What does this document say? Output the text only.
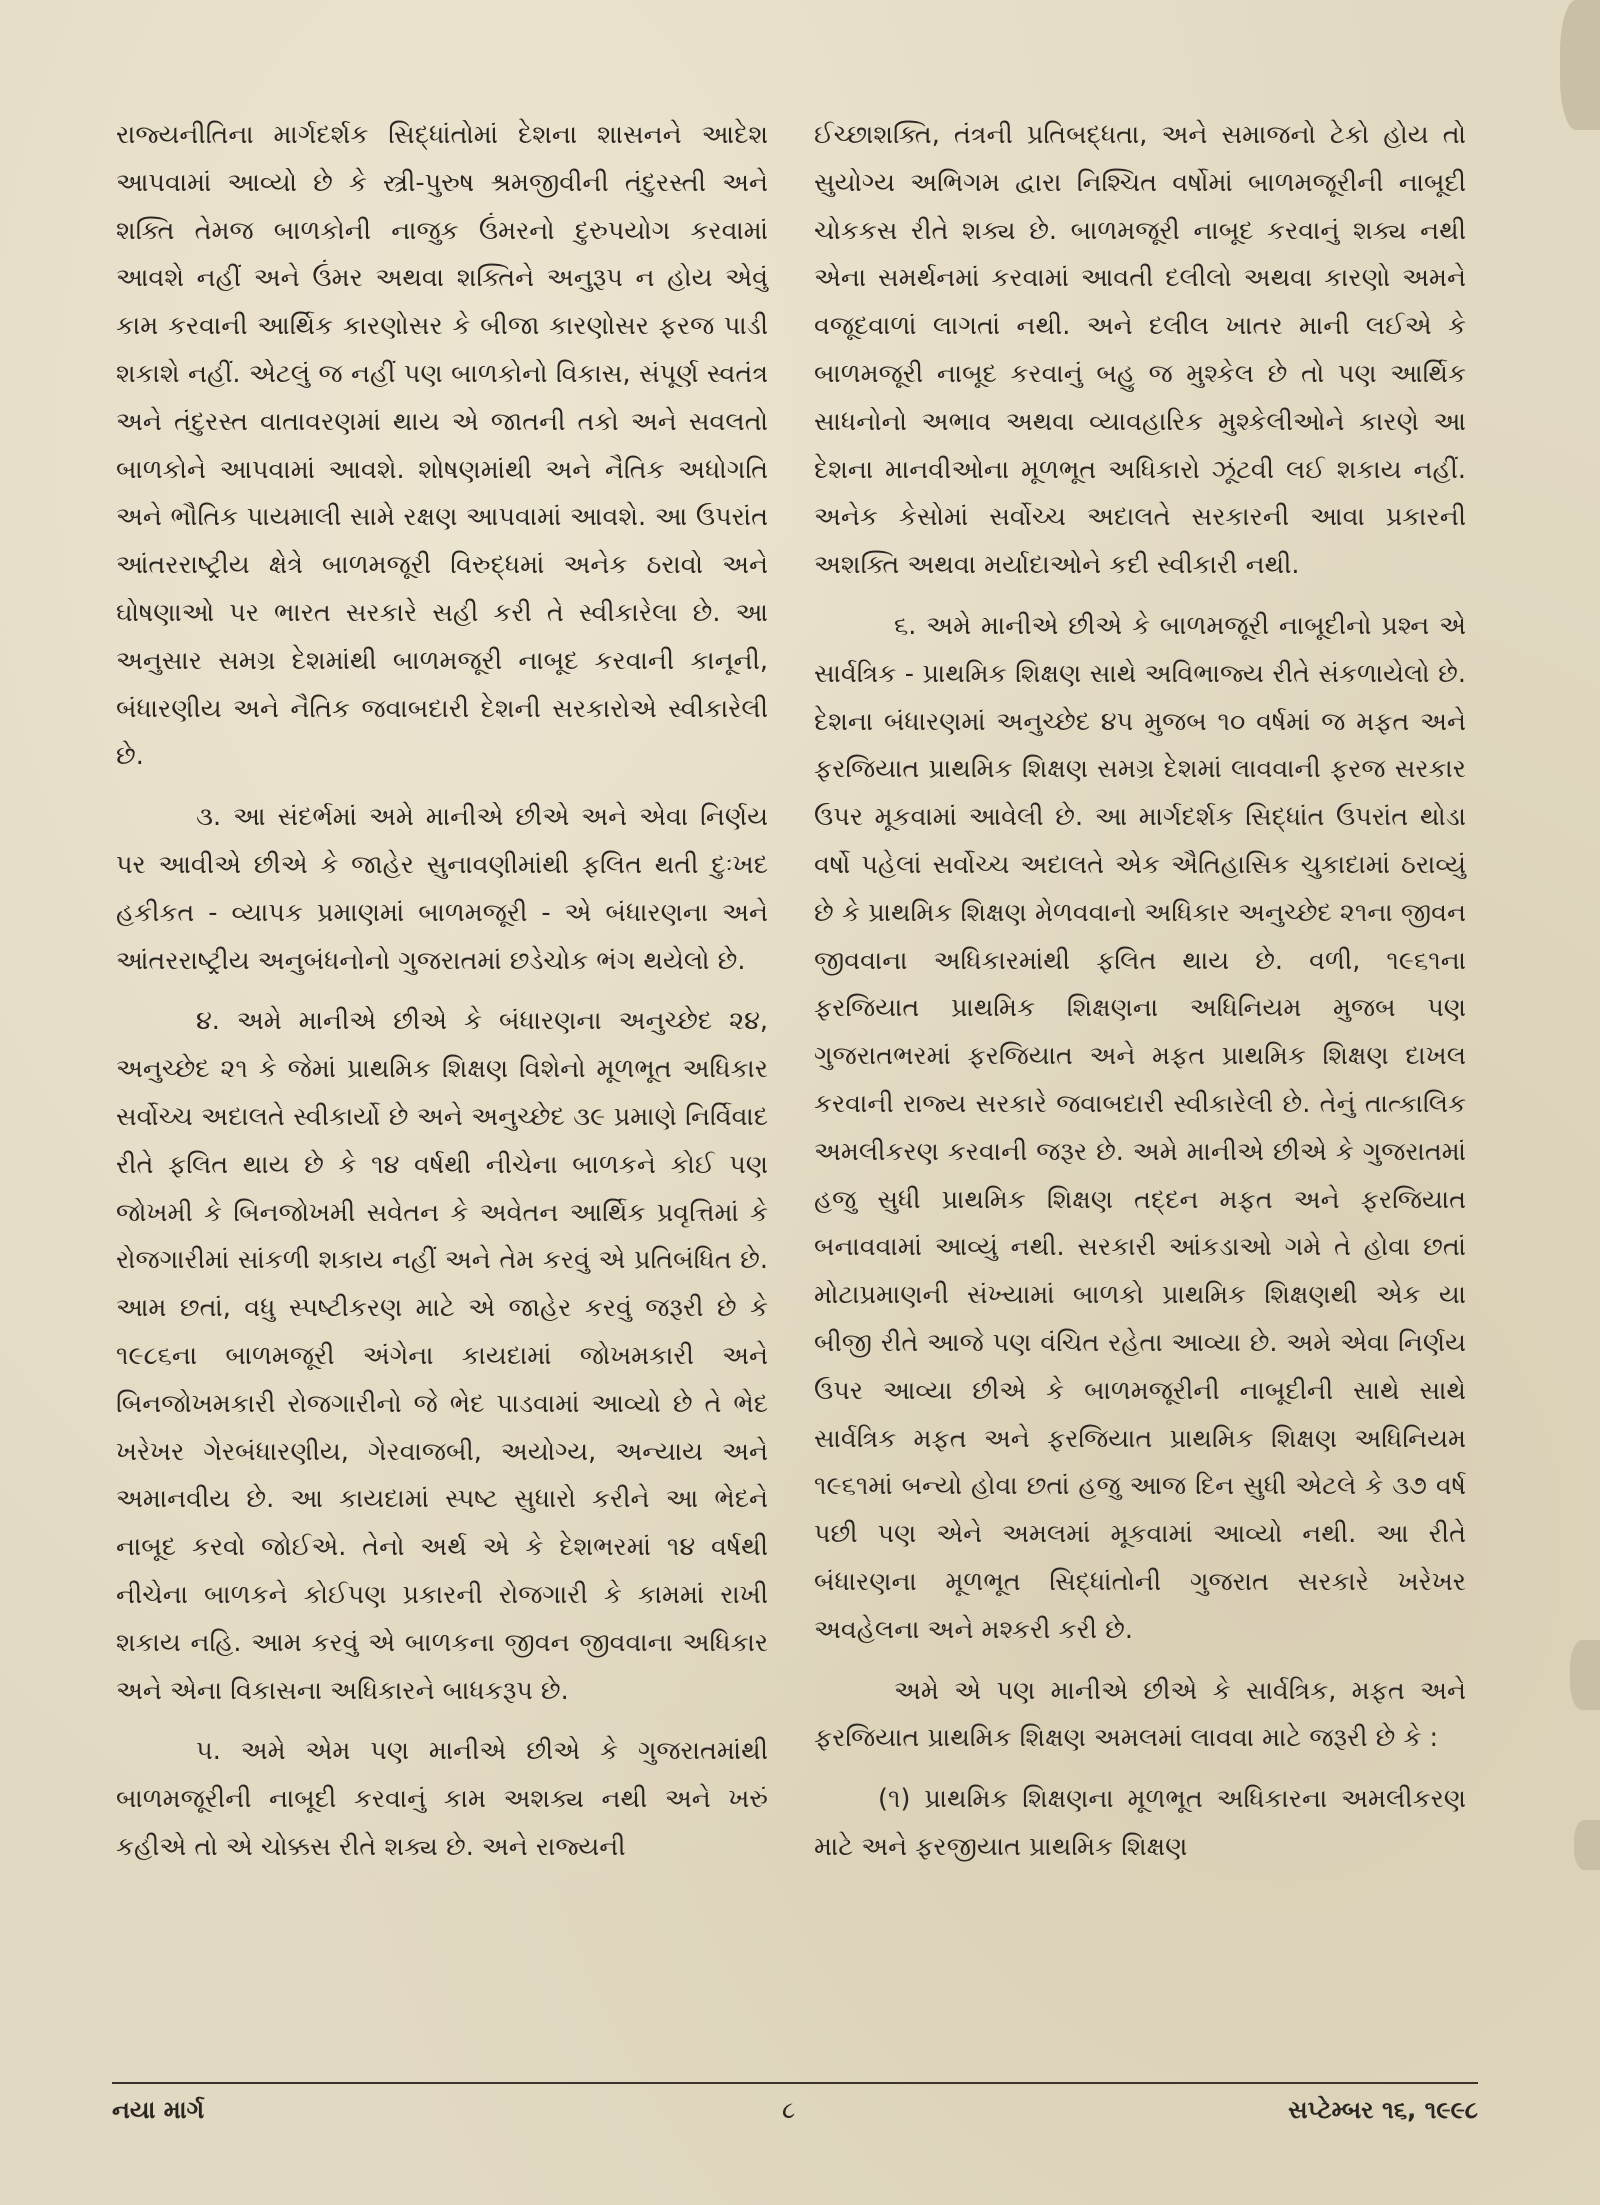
રાજ્યનીતિના માર્ગદર્શક સિદ્ધાંતોમાં દેશના શાસનને આદેશ આપવામાં આવ્યો છે કે સ્ત્રી-પુરુષ શ્રમજીવીની તંદુરસ્તી અને શક્તિ તેમજ બાળકોની નાજુક ઉંમરનો દુરુપયોગ કરવામાં આવશે નહીં અને ઉંમર અથવા શક્તિને અનુરૂપ ન હોય એવું કામ કરવાની આર્થિક કારણોસર કે બીજા કારણોસર ફરજ પાડી શકાશે નહીં. એટલું જ નહીં પણ બાળકોનો વિકાસ, સંપૂર્ણ સ્વતંત્ર અને તંદુરસ્ત વાતાવરણમાં થાય એ જાતની તકો અને સવલતો બાળકોને આપવામાં આવશે. શોષણમાંથી અને નૈતિક અધોગતિ અને ભૌતિક પાયમાલી સામે રક્ષણ આપવામાં આવશે. આ ઉપરાંત આંતરરાષ્ટ્રીય ક્ષેત્રે બાળમજૂરી વિરુદ્ધમાં અનેક ઠરાવો અને ઘોષણાઓ પર ભારત સરકારે સહી કરી તે સ્વીકારેલા છે. આ અનુસાર સમગ્ર દેશમાંથી બાળમજૂરી નાબૂદ કરવાની કાનૂની, બંધારણીય અને નૈતિક જવાબદારી દેશની સરકારોએ સ્વીકારેલી છે.

૩. આ સંદર્ભમાં અમે માનીએ છીએ અને એવા નિર્ણય પર આવીએ છીએ કે જાહેર સુનાવણીમાંથી ફલિત થતી દુઃખદ હકીકત - વ્યાપક પ્રમાણમાં બાળમજૂરી - એ બંધારણના અને આંતરરાષ્ટ્રીય અનુબંધનોનો ગુજરાતમાં છડેચોક ભંગ થયેલો છે.

૪. અમે માનીએ છીએ કે બંધારણના અનુચ્છેદ ૨૪, અનુચ્છેદ ૨૧ કે જેમાં પ્રાથમિક શિક્ષણ વિશેનો મૂળભૂત અધિકાર સર્વોચ્ચ અદાલતે સ્વીકાર્યો છે અને અનુચ્છેદ ૩૯ પ્રમાણે નિર્વિવાદ રીતે ફલિત થાય છે કે ૧૪ વર્ષથી નીચેના બાળકને કોઈ પણ જોખમી કે બિનજોખમી સવેતન કે અવેતન આર્થિક પ્રવૃત્તિમાં કે રોજગારીમાં સાંકળી શકાય નહીં અને તેમ કરવું એ પ્રતિબંધિત છે. આમ છતાં, વધુ સ્પષ્ટીકરણ માટે એ જાહેર કરવું જરૂરી છે કે ૧૯૮૬ના બાળમજૂરી અંગેના કાયદામાં જોખમકારી અને બિનજોખમકારી રોજગારીનો જે ભેદ પાડવામાં આવ્યો છે તે ભેદ ખરેખર ગેરબંધારણીય, ગેરવાજબી, અયોગ્ય, અન્યાય અને અમાનવીય છે. આ કાયદામાં સ્પષ્ટ સુધારો કરીને આ ભેદને નાબૂદ કરવો જોઈએ. તેનો અર્થ એ કે દેશભરમાં ૧૪ વર્ષથી નીચેના બાળકને કોઈપણ પ્રકારની રોજગારી કે કામમાં રાખી શકાય નહિ. આમ કરવું એ બાળકના જીવન જીવવાના અધિકાર અને એના વિકાસના અધિકારને બાધકરૂપ છે.

૫. અમે એમ પણ માનીએ છીએ કે ગુજરાતમાંથી બાળમજૂરીની નાબૂદી કરવાનું કામ અશક્ય નથી અને ખરું કહીએ તો એ ચોક્કસ રીતે શક્ય છે. અને રાજ્યની

ઈચ્છાશક્તિ, તંત્રની પ્રતિબદ્ધતા, અને સમાજનો ટેકો હોય તો સુયોગ્ય અભિગમ દ્વારા નિશ્ચિત વર્ષોમાં બાળમજૂરીની નાબૂદી ચોકકસ રીતે શક્ય છે. બાળમજૂરી નાબૂદ કરવાનું શક્ય નથી એના સમર્થનમાં કરવામાં આવતી દલીલો અથવા કારણો અમને વજૂદવાળાં લાગતાં નથી. અને દલીલ ખાતર માની લઈએ કે બાળમજૂરી નાબૂદ કરવાનું બહુ જ મુશ્કેલ છે તો પણ આર્થિક સાધનોનો અભાવ અથવા વ્યાવહારિક મુશ્કેલીઓને કારણે આ દેશના માનવીઓના મૂળભૂત અધિકારો ઝૂંટવી લઈ શકાય નહીં. અનેક કેસોમાં સર્વોચ્ચ અદાલતે સરકારની આવા પ્રકારની અશક્તિ અથવા મર્યાદાઓને કદી સ્વીકારી નથી.

૬. અમે માનીએ છીએ કે બાળમજૂરી નાબૂદીનો પ્રશ્ન એ સાર્વત્રિક - પ્રાથમિક શિક્ષણ સાથે અવિભાજ્ય રીતે સંકળાયેલો છે. દેશના બંધારણમાં અનુચ્છેદ ૪૫ મુજબ ૧૦ વર્ષમાં જ મફત અને ફરજિયાત પ્રાથમિક શિક્ષણ સમગ્ર દેશમાં લાવવાની ફરજ સરકાર ઉપર મૂકવામાં આવેલી છે. આ માર્ગદર્શક સિદ્ધાંત ઉપરાંત થોડા વર્ષો પહેલાં સર્વોચ્ચ અદાલતે એક ઐતિહાસિક ચુકાદામાં ઠરાવ્યું છે કે પ્રાથમિક શિક્ષણ મેળવવાનો અધિકાર અનુચ્છેદ ૨૧ના જીવન જીવવાના અધિકારમાંથી ફલિત થાય છે. વળી, ૧૯૬૧ના ફરજિયાત પ્રાથમિક શિક્ષણના અધિનિયમ મુજબ પણ ગુજરાતભરમાં ફરજિયાત અને મફત પ્રાથમિક શિક્ષણ દાખલ કરવાની રાજ્ય સરકારે જવાબદારી સ્વીકારેલી છે. તેનું તાત્કાલિક અમલીકરણ કરવાની જરૂર છે. અમે માનીએ છીએ કે ગુજરાતમાં હજુ સુધી પ્રાથમિક શિક્ષણ તદ્દન મફત અને ફરજિયાત બનાવવામાં આવ્યું નથી. સરકારી આંકડાઓ ગમે તે હોવા છતાં મોટાપ્રમાણની સંખ્યામાં બાળકો પ્રાથમિક શિક્ષણથી એક યા બીજી રીતે આજે પણ વંચિત રહેતા આવ્યા છે. અમે એવા નિર્ણય ઉપર આવ્યા છીએ કે બાળમજૂરીની નાબૂદીની સાથે સાથે સાર્વત્રિક મફત અને ફરજિયાત પ્રાથમિક શિક્ષણ અધિનિયમ ૧૯૬૧માં બન્યો હોવા છતાં હજુ આજ દિન સુધી એટલે કે ૩૭ વર્ષ પછી પણ એને અમલમાં મૂકવામાં આવ્યો નથી. આ રીતે બંધારણના મૂળભૂત સિદ્ધાંતોની ગુજરાત સરકારે ખરેખર અવહેલના અને મશ્કરી કરી છે.

અમે એ પણ માનીએ છીએ કે સાર્વત્રિક, મફત અને ફરજિયાત પ્રાથમિક શિક્ષણ અમલમાં લાવવા માટે જરૂરી છે કે :

(૧) પ્રાથમિક શિક્ષણના મૂળભૂત અધિકારના અમલીકરણ માટે અને ફરજીયાત પ્રાથમિક શિક્ષણ

નયા માર્ગ	૮	સપ્ટેમ્બર ૧૬, ૧૯૯૮
